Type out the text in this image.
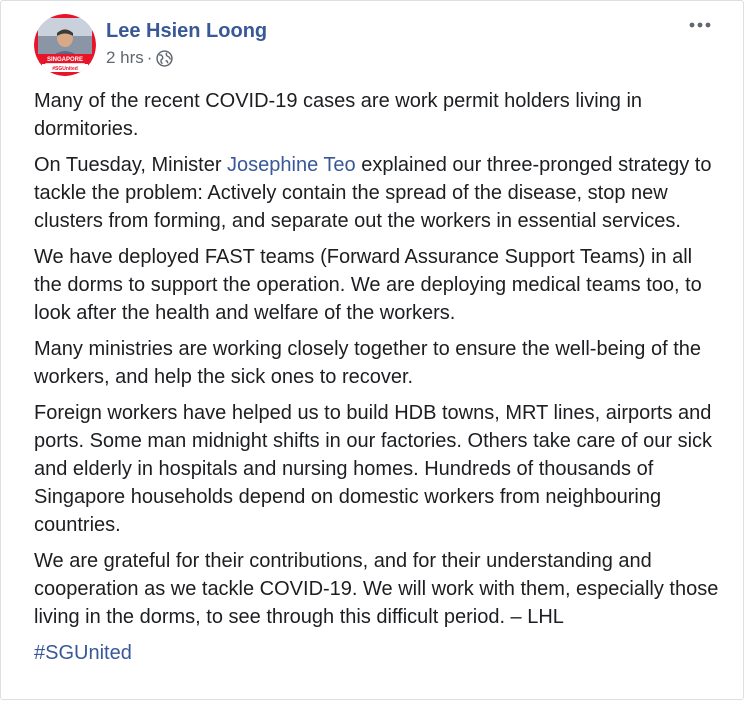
SINGAPORE
#SGUnited
Lee Hsien Loong
2 hrs ·

Many of the recent COVID-19 cases are work permit holders living in dormitories.

On Tuesday, Minister Josephine Teo explained our three-pronged strategy to tackle the problem: Actively contain the spread of the disease, stop new clusters from forming, and separate out the workers in essential services.

We have deployed FAST teams (Forward Assurance Support Teams) in all the dorms to support the operation. We are deploying medical teams too, to look after the health and welfare of the workers.

Many ministries are working closely together to ensure the well-being of the workers, and help the sick ones to recover.

Foreign workers have helped us to build HDB towns, MRT lines, airports and ports. Some man midnight shifts in our factories. Others take care of our sick and elderly in hospitals and nursing homes. Hundreds of thousands of Singapore households depend on domestic workers from neighbouring countries.

We are grateful for their contributions, and for their understanding and cooperation as we tackle COVID-19. We will work with them, especially those living in the dorms, to see through this difficult period. – LHL

#SGUnited
